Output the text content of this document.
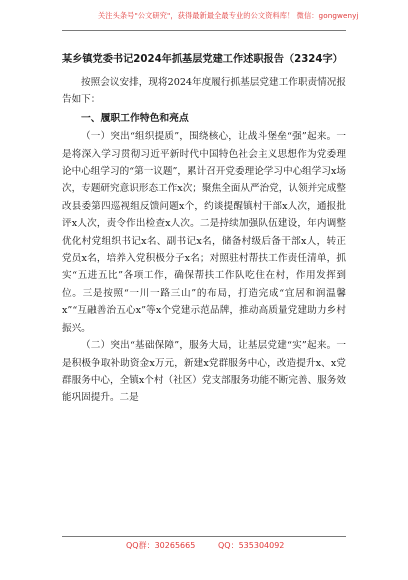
关注头条号"公文研究"，获得最新最全最专业的公文资料库！ 微信：gongwenyj
某乡镇党委书记2024年抓基层党建工作述职报告（2324字）

按照会议安排，现将2024年度履行抓基层党建工作职责情况报告如下：

一、履职工作特色和亮点

（一）突出“组织提质”，围绕核心，让战斗堡垒“强”起来。一是将深入学习贯彻习近平新时代中国特色社会主义思想作为党委理论中心组学习的“第一议题”，累计召开党委理论学习中心组学习x场次，专题研究意识形态工作x次；聚焦全面从严治党，认领并完成整改县委第四巡视组反馈问题x个，约谈提醒镇村干部x人次，通报批评x人次，责令作出检查x人次。二是持续加强队伍建设，年内调整优化村党组织书记x名、副书记x名，储备村级后备干部x人，转正党员x名，培养入党积极分子x名；对照驻村帮扶工作责任清单，抓实“五进五比”各项工作，确保帮扶工作队吃住在村，作用发挥到位。三是按照“一川一路三山”的布局，打造完成“宜居和润温馨x”“互融善治五心x”等x个党建示范品牌，推动高质量党建助力乡村振兴。

（二）突出“基础保障”，服务大局，让基层党建“实”起来。一是积极争取补助资金x万元，新建x党群服务中心，改造提升x、x党群服务中心，全镇x个村（社区）党支部服务功能不断完善、服务效能巩固提升。二是

QQ群：30265665	QQ：535304092
